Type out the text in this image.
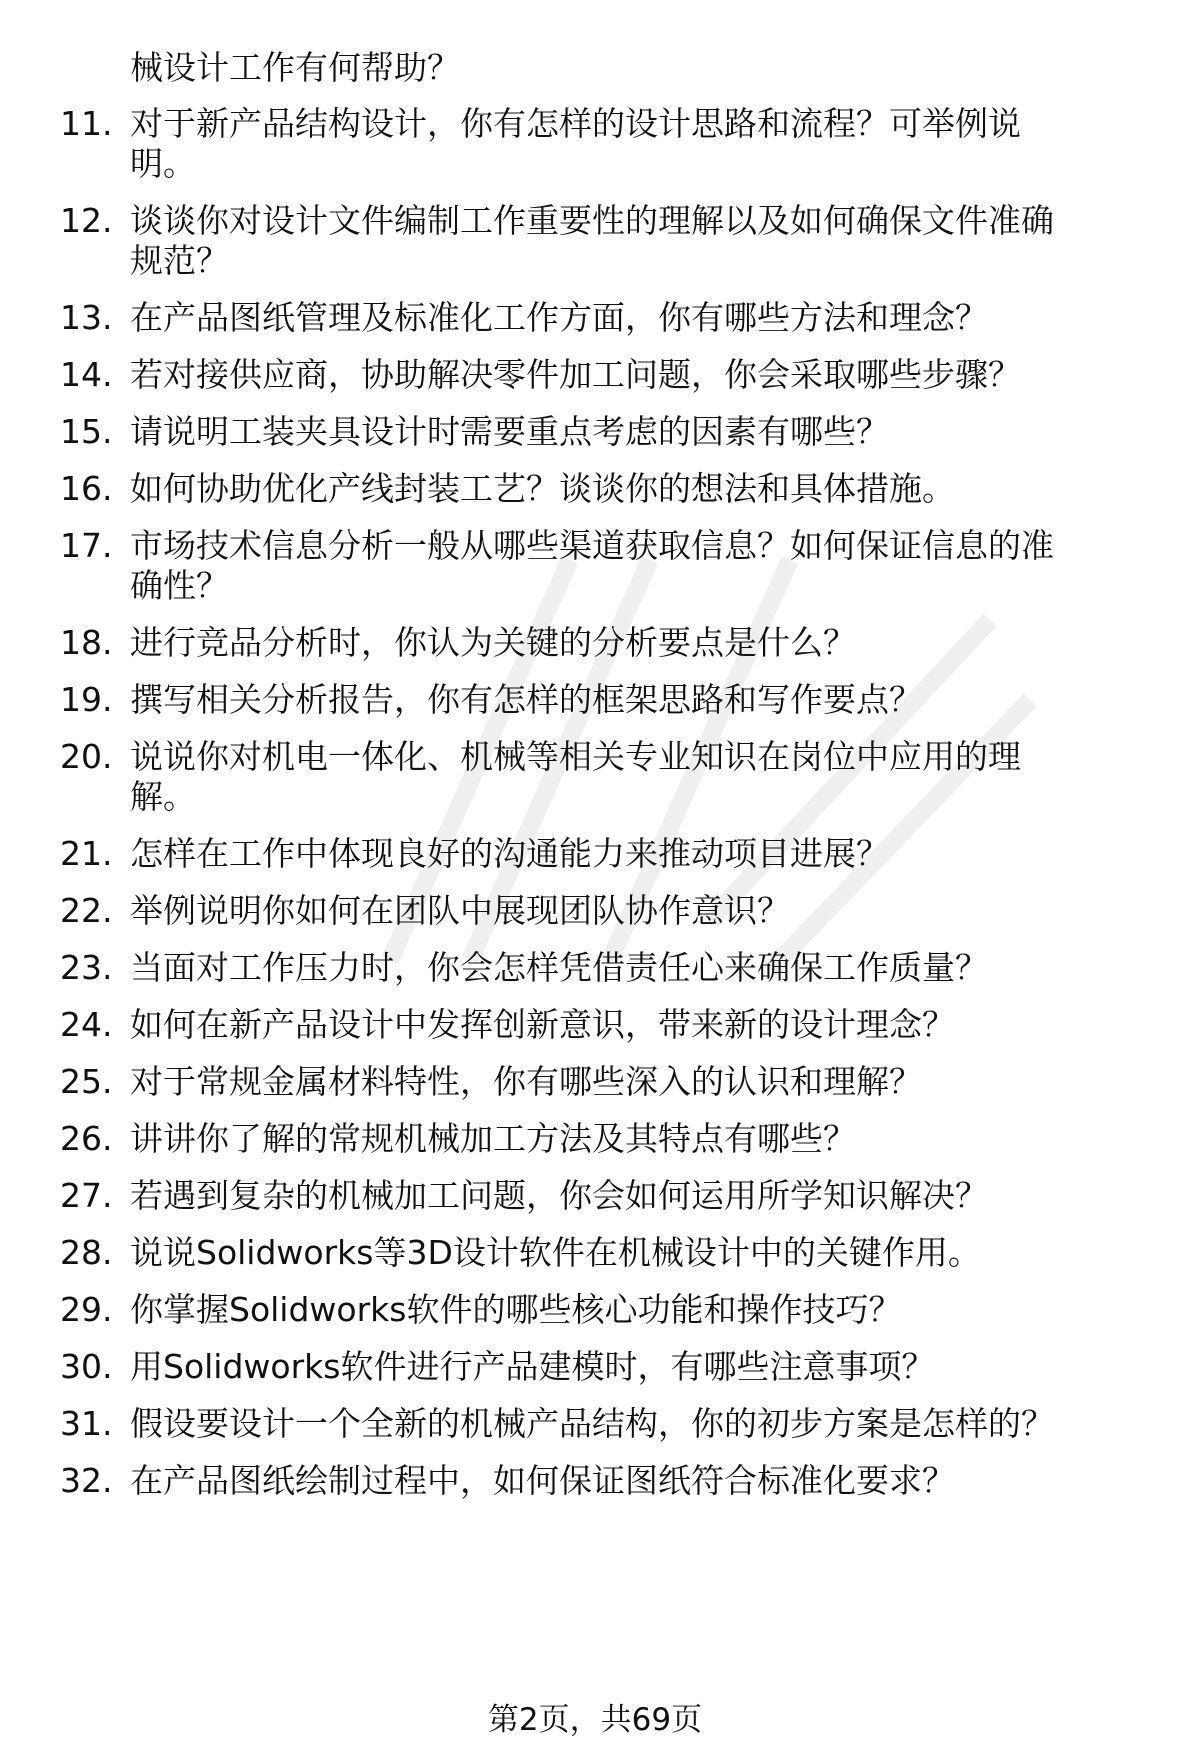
械设计工作有何帮助？
11. 对于新产品结构设计，你有怎样的设计思路和流程？可举例说
明。
12. 谈谈你对设计文件编制工作重要性的理解以及如何确保文件准确
规范？
13. 在产品图纸管理及标准化工作方面，你有哪些方法和理念？
14. 若对接供应商，协助解决零件加工问题，你会采取哪些步骤？
15. 请说明工装夹具设计时需要重点考虑的因素有哪些？
16. 如何协助优化产线封装工艺？谈谈你的想法和具体措施。
17. 市场技术信息分析一般从哪些渠道获取信息？如何保证信息的准
确性？
18. 进行竞品分析时，你认为关键的分析要点是什么？
19. 撰写相关分析报告，你有怎样的框架思路和写作要点？
20. 说说你对机电一体化、机械等相关专业知识在岗位中应用的理
解。
21. 怎样在工作中体现良好的沟通能力来推动项目进展？
22. 举例说明你如何在团队中展现团队协作意识？
23. 当面对工作压力时，你会怎样凭借责任心来确保工作质量？
24. 如何在新产品设计中发挥创新意识，带来新的设计理念？
25. 对于常规金属材料特性，你有哪些深入的认识和理解？
26. 讲讲你了解的常规机械加工方法及其特点有哪些？
27. 若遇到复杂的机械加工问题，你会如何运用所学知识解决？
28. 说说Solidworks等3D设计软件在机械设计中的关键作用。
29. 你掌握Solidworks软件的哪些核心功能和操作技巧？
30. 用Solidworks软件进行产品建模时，有哪些注意事项？
31. 假设要设计一个全新的机械产品结构，你的初步方案是怎样的？
32. 在产品图纸绘制过程中，如何保证图纸符合标准化要求？
第2页，共69页
